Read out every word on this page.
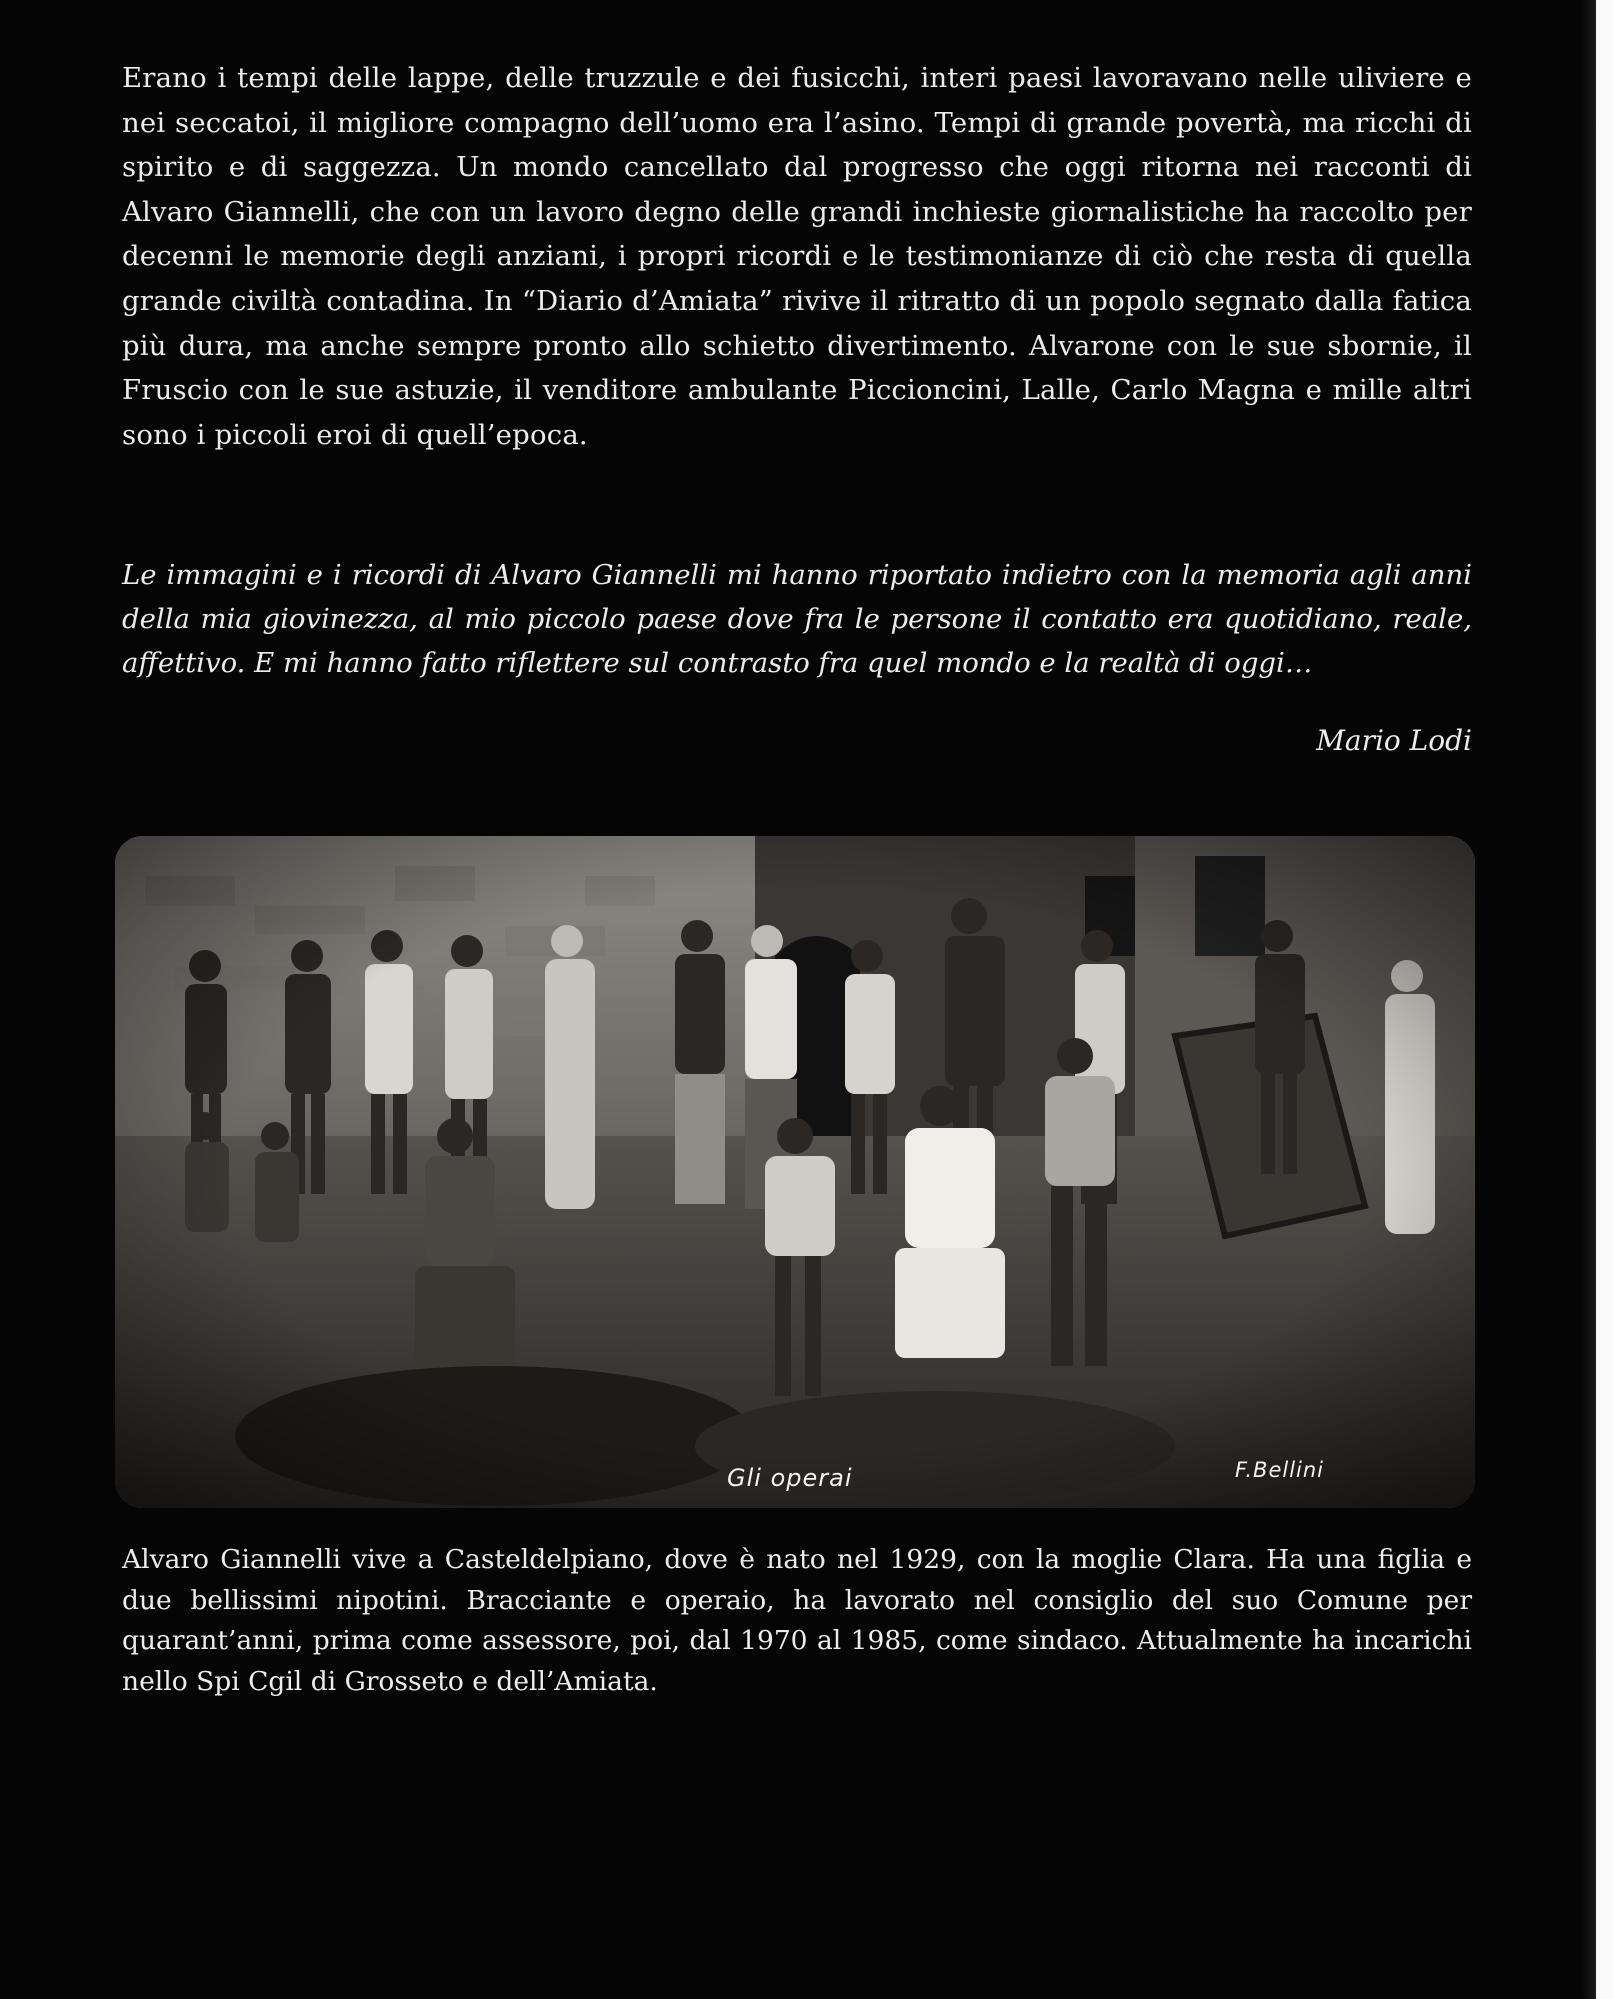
Erano i tempi delle lappe, delle truzzule e dei fusicchi, interi paesi lavoravano nelle uliviere e nei seccatoi, il migliore compagno dell’uomo era l’asino. Tempi di grande povertà, ma ricchi di spirito e di saggezza. Un mondo cancellato dal progresso che oggi ritorna nei racconti di Alvaro Giannelli, che con un lavoro degno delle grandi inchieste giornalistiche ha raccolto per decenni le memorie degli anziani, i propri ricordi e le testimonianze di ciò che resta di quella grande civiltà contadina. In “Diario d’Amiata” rivive il ritratto di un popolo segnato dalla fatica più dura, ma anche sempre pronto allo schietto divertimento. Alvarone con le sue sbornie, il Fruscio con le sue astuzie, il venditore ambulante Piccioncini, Lalle, Carlo Magna e mille altri sono i piccoli eroi di quell’epoca.

Le immagini e i ricordi di Alvaro Giannelli mi hanno riportato indietro con la memoria agli anni della mia giovinezza, al mio piccolo paese dove fra le persone il contatto era quotidiano, reale, affettivo. E mi hanno fatto riflettere sul contrasto fra quel mondo e la realtà di oggi…

Mario Lodi

Gli operai	F.Bellini

Alvaro Giannelli vive a Casteldelpiano, dove è nato nel 1929, con la moglie Clara. Ha una figlia e due bellissimi nipotini. Bracciante e operaio, ha lavorato nel consiglio del suo Comune per quarant’anni, prima come assessore, poi, dal 1970 al 1985, come sindaco. Attualmente ha incarichi nello Spi Cgil di Grosseto e dell’Amiata.
